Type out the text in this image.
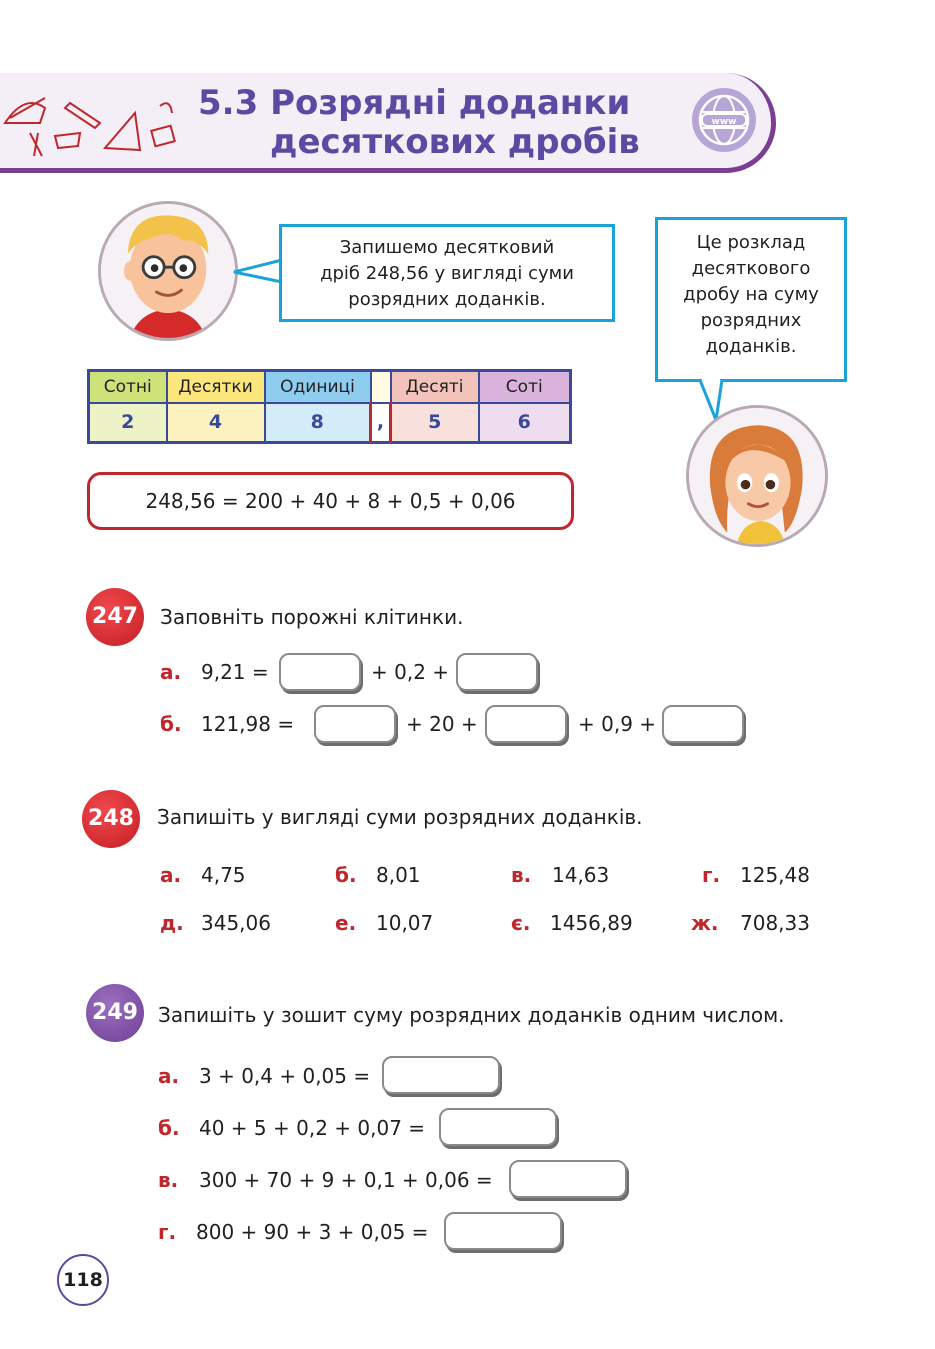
5.3 Розрядні доданки
десяткових дробів	www
Запишемо десятковий
дріб 248,56 у вигляді суми
розрядних доданків.
Це розклад
десяткового
дробу на суму
розрядних
доданків.
Сотні	Десятки	Одиниці		Десяті	Соті
2	4	8	,	5	6
248,56 = 200 + 40 + 8 + 0,5 + 0,06
247	Заповніть порожні клітинки.
а. 9,21 =	+ 0,2 +
б. 121,98 =	+ 20 +	+ 0,9 +
248	Запишіть у вигляді суми розрядних доданків.
а. 4,75	б. 8,01	в. 14,63	г. 125,48
д. 345,06	е. 10,07	є. 1456,89	ж. 708,33
249	Запишіть у зошит суму розрядних доданків одним числом.
а. 3 + 0,4 + 0,05 =
б. 40 + 5 + 0,2 + 0,07 =
в. 300 + 70 + 9 + 0,1 + 0,06 =
г. 800 + 90 + 3 + 0,05 =
118
